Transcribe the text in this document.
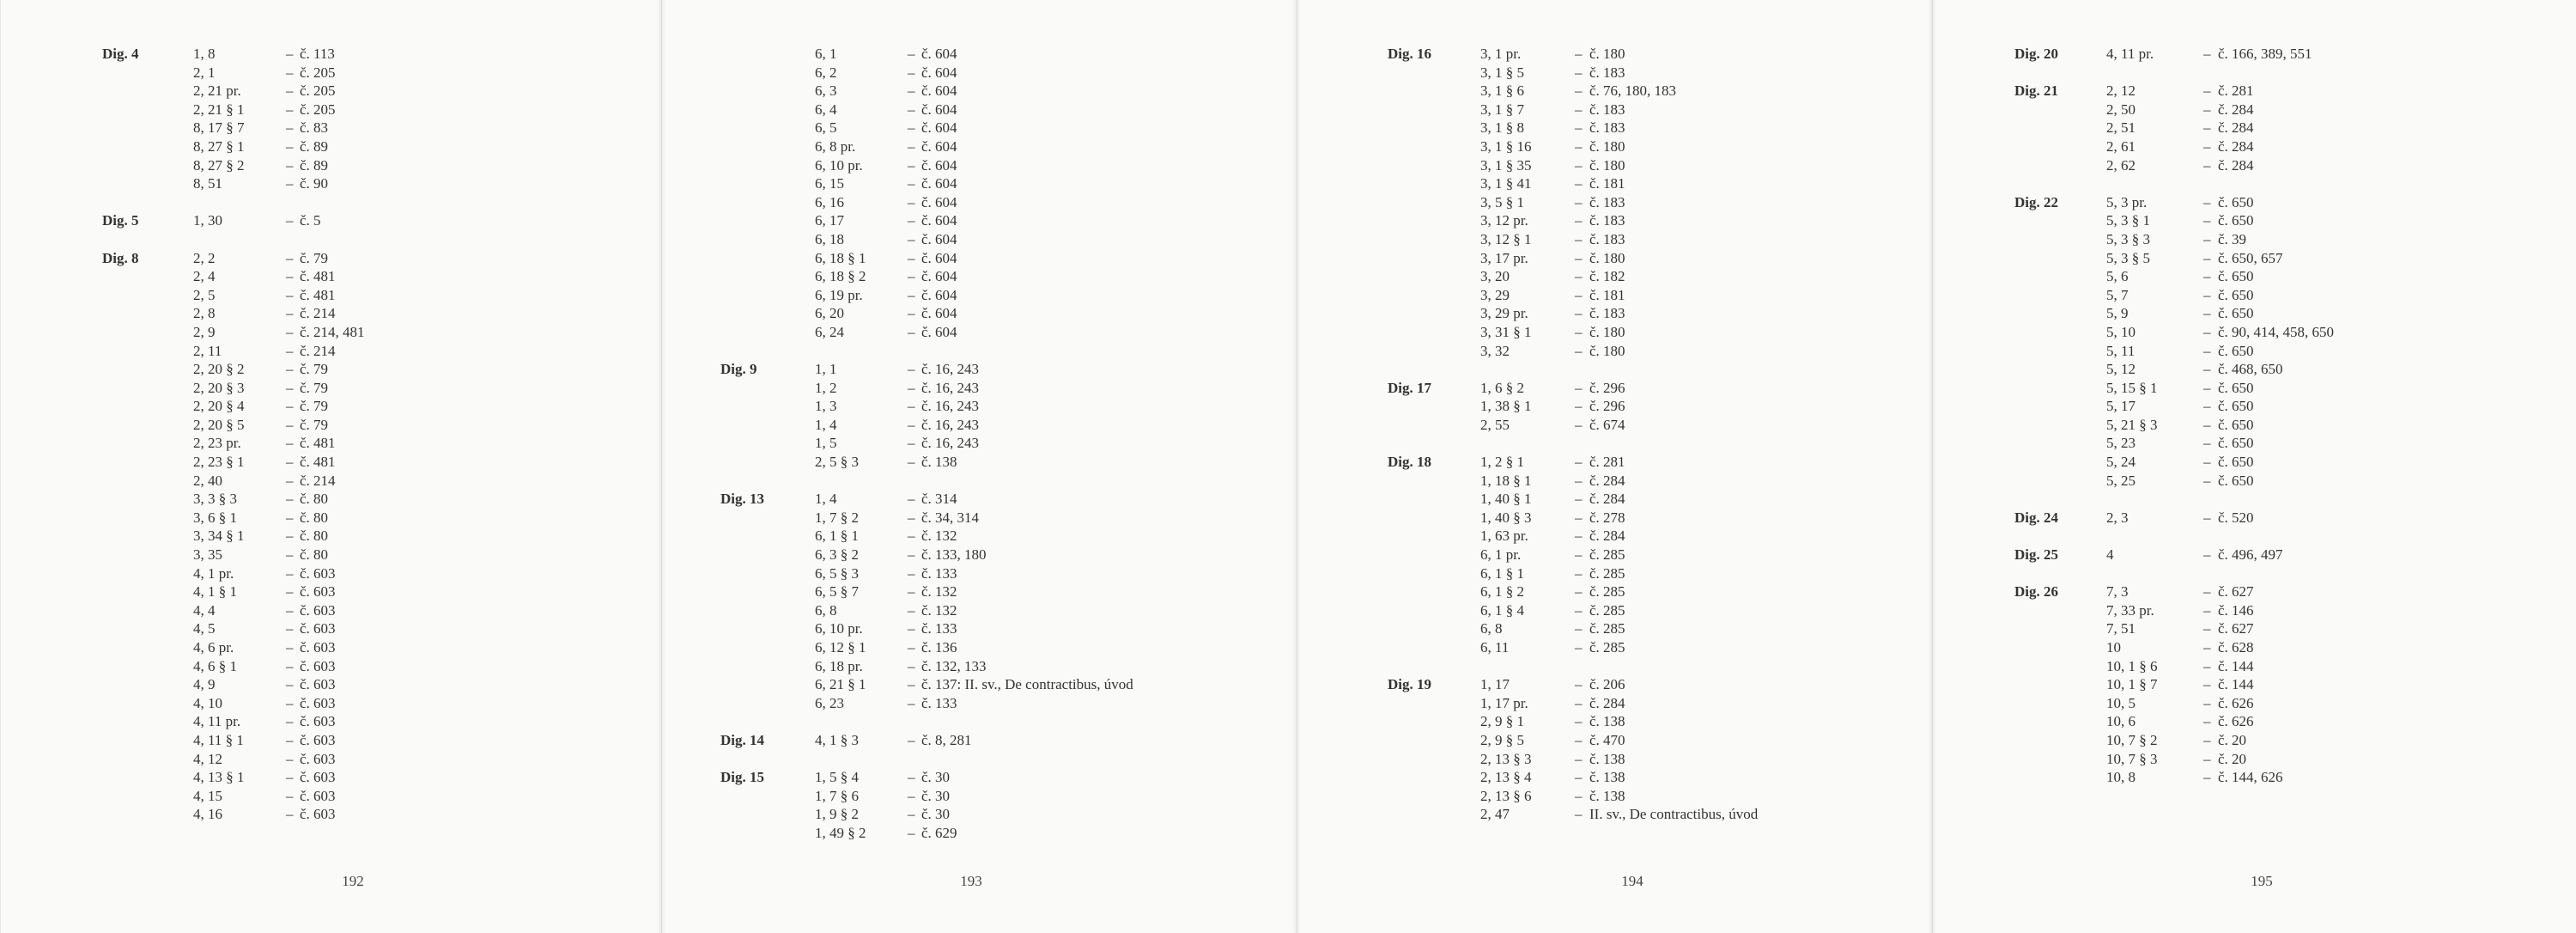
Dig. 4	1, 8	– č. 113
2, 1	– č. 205
2, 21 pr.	– č. 205
2, 21 § 1	– č. 205
8, 17 § 7	– č. 83
8, 27 § 1	– č. 89
8, 27 § 2	– č. 89
8, 51	– č. 90
Dig. 5	1, 30	– č. 5
Dig. 8	2, 2	– č. 79
2, 4	– č. 481
2, 5	– č. 481
2, 8	– č. 214
2, 9	– č. 214, 481
2, 11	– č. 214
2, 20 § 2	– č. 79
2, 20 § 3	– č. 79
2, 20 § 4	– č. 79
2, 20 § 5	– č. 79
2, 23 pr.	– č. 481
2, 23 § 1	– č. 481
2, 40	– č. 214
3, 3 § 3	– č. 80
3, 6 § 1	– č. 80
3, 34 § 1	– č. 80
3, 35	– č. 80
4, 1 pr.	– č. 603
4, 1 § 1	– č. 603
4, 4	– č. 603
4, 5	– č. 603
4, 6 pr.	– č. 603
4, 6 § 1	– č. 603
4, 9	– č. 603
4, 10	– č. 603
4, 11 pr.	– č. 603
4, 11 § 1	– č. 603
4, 12	– č. 603
4, 13 § 1	– č. 603
4, 15	– č. 603
4, 16	– č. 603
192
6, 1	– č. 604
6, 2	– č. 604
6, 3	– č. 604
6, 4	– č. 604
6, 5	– č. 604
6, 8 pr.	– č. 604
6, 10 pr.	– č. 604
6, 15	– č. 604
6, 16	– č. 604
6, 17	– č. 604
6, 18	– č. 604
6, 18 § 1	– č. 604
6, 18 § 2	– č. 604
6, 19 pr.	– č. 604
6, 20	– č. 604
6, 24	– č. 604
Dig. 9	1, 1	– č. 16, 243
1, 2	– č. 16, 243
1, 3	– č. 16, 243
1, 4	– č. 16, 243
1, 5	– č. 16, 243
2, 5 § 3	– č. 138
Dig. 13	1, 4	– č. 314
1, 7 § 2	– č. 34, 314
6, 1 § 1	– č. 132
6, 3 § 2	– č. 133, 180
6, 5 § 3	– č. 133
6, 5 § 7	– č. 132
6, 8	– č. 132
6, 10 pr.	– č. 133
6, 12 § 1	– č. 136
6, 18 pr.	– č. 132, 133
6, 21 § 1	– č. 137: II. sv., De contractibus, úvod
6, 23	– č. 133
Dig. 14	4, 1 § 3	– č. 8, 281
Dig. 15	1, 5 § 4	– č. 30
1, 7 § 6	– č. 30
1, 9 § 2	– č. 30
1, 49 § 2	– č. 629
193
Dig. 16	3, 1 pr.	– č. 180
3, 1 § 5	– č. 183
3, 1 § 6	– č. 76, 180, 183
3, 1 § 7	– č. 183
3, 1 § 8	– č. 183
3, 1 § 16	– č. 180
3, 1 § 35	– č. 180
3, 1 § 41	– č. 181
3, 5 § 1	– č. 183
3, 12 pr.	– č. 183
3, 12 § 1	– č. 183
3, 17 pr.	– č. 180
3, 20	– č. 182
3, 29	– č. 181
3, 29 pr.	– č. 183
3, 31 § 1	– č. 180
3, 32	– č. 180
Dig. 17	1, 6 § 2	– č. 296
1, 38 § 1	– č. 296
2, 55	– č. 674
Dig. 18	1, 2 § 1	– č. 281
1, 18 § 1	– č. 284
1, 40 § 1	– č. 284
1, 40 § 3	– č. 278
1, 63 pr.	– č. 284
6, 1 pr.	– č. 285
6, 1 § 1	– č. 285
6, 1 § 2	– č. 285
6, 1 § 4	– č. 285
6, 8	– č. 285
6, 11	– č. 285
Dig. 19	1, 17	– č. 206
1, 17 pr.	– č. 284
2, 9 § 1	– č. 138
2, 9 § 5	– č. 470
2, 13 § 3	– č. 138
2, 13 § 4	– č. 138
2, 13 § 6	– č. 138
2, 47	– II. sv., De contractibus, úvod
194
Dig. 20	4, 11 pr.	– č. 166, 389, 551
Dig. 21	2, 12	– č. 281
2, 50	– č. 284
2, 51	– č. 284
2, 61	– č. 284
2, 62	– č. 284
Dig. 22	5, 3 pr.	– č. 650
5, 3 § 1	– č. 650
5, 3 § 3	– č. 39
5, 3 § 5	– č. 650, 657
5, 6	– č. 650
5, 7	– č. 650
5, 9	– č. 650
5, 10	– č. 90, 414, 458, 650
5, 11	– č. 650
5, 12	– č. 468, 650
5, 15 § 1	– č. 650
5, 17	– č. 650
5, 21 § 3	– č. 650
5, 23	– č. 650
5, 24	– č. 650
5, 25	– č. 650
Dig. 24	2, 3	– č. 520
Dig. 25	4	– č. 496, 497
Dig. 26	7, 3	– č. 627
7, 33 pr.	– č. 146
7, 51	– č. 627
10	– č. 628
10, 1 § 6	– č. 144
10, 1 § 7	– č. 144
10, 5	– č. 626
10, 6	– č. 626
10, 7 § 2	– č. 20
10, 7 § 3	– č. 20
10, 8	– č. 144, 626
195
